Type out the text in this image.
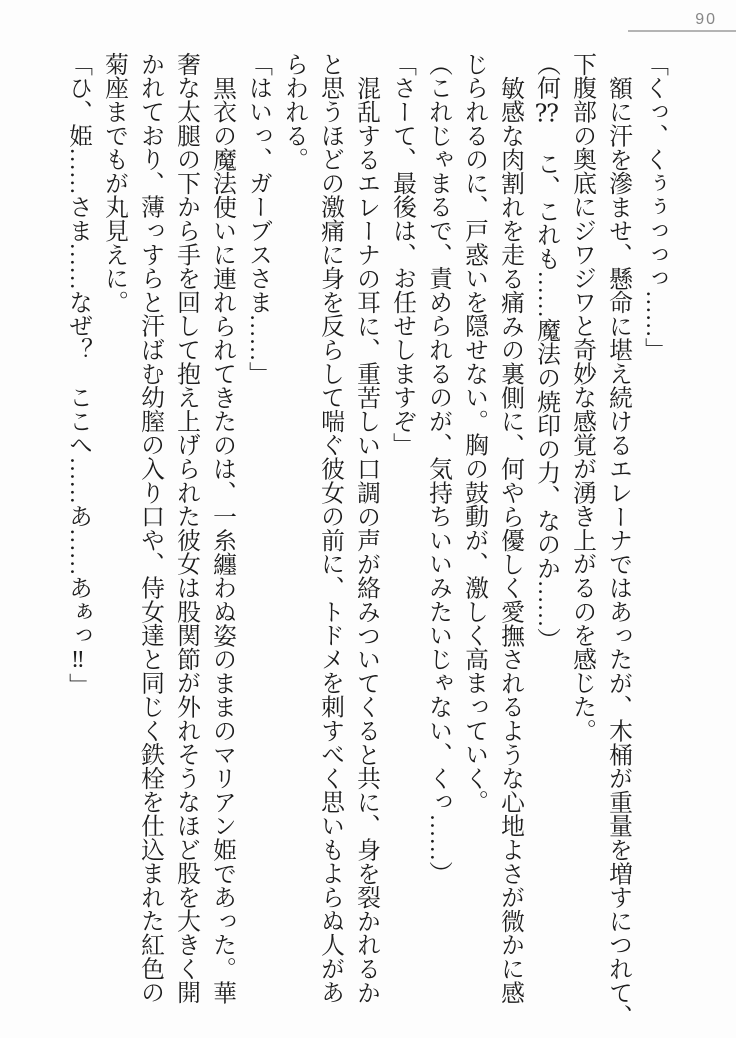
90
「くっ、くぅぅっっっ……」
額に汗を滲ませ、懸命に堪え続けるエレーナではあったが、木桶が重量を増すにつれて、
下腹部の奥底にジワジワと奇妙な感覚が湧き上がるのを感じた。
（何⁇　こ、これも……魔法の焼印の力、なのか……）
敏感な肉割れを走る痛みの裏側に、何やら優しく愛撫されるような心地よさが微かに感
じられるのに、戸惑いを隠せない。胸の鼓動が、激しく高まっていく。
（これじゃまるで、責められるのが、気持ちいいみたいじゃない、くっ……）
「さーて、最後は、お任せしますぞ」
混乱するエレーナの耳に、重苦しい口調の声が絡みついてくると共に、身を裂かれるか
と思うほどの激痛に身を反らして喘ぐ彼女の前に、トドメを刺すべく思いもよらぬ人があ
らわれる。
「はいっ、ガーブスさま……」
黒衣の魔法使いに連れられてきたのは、一糸纏わぬ姿のままのマリアン姫であった。華
奢な太腿の下から手を回して抱え上げられた彼女は股関節が外れそうなほど股を大きく開
かれており、薄っすらと汗ばむ幼膣の入り口や、侍女達と同じく鉄栓を仕込まれた紅色の
菊座までもが丸見えに。
「ひ、姫……さま……なぜ？　ここへ……あ……あぁっ‼」
